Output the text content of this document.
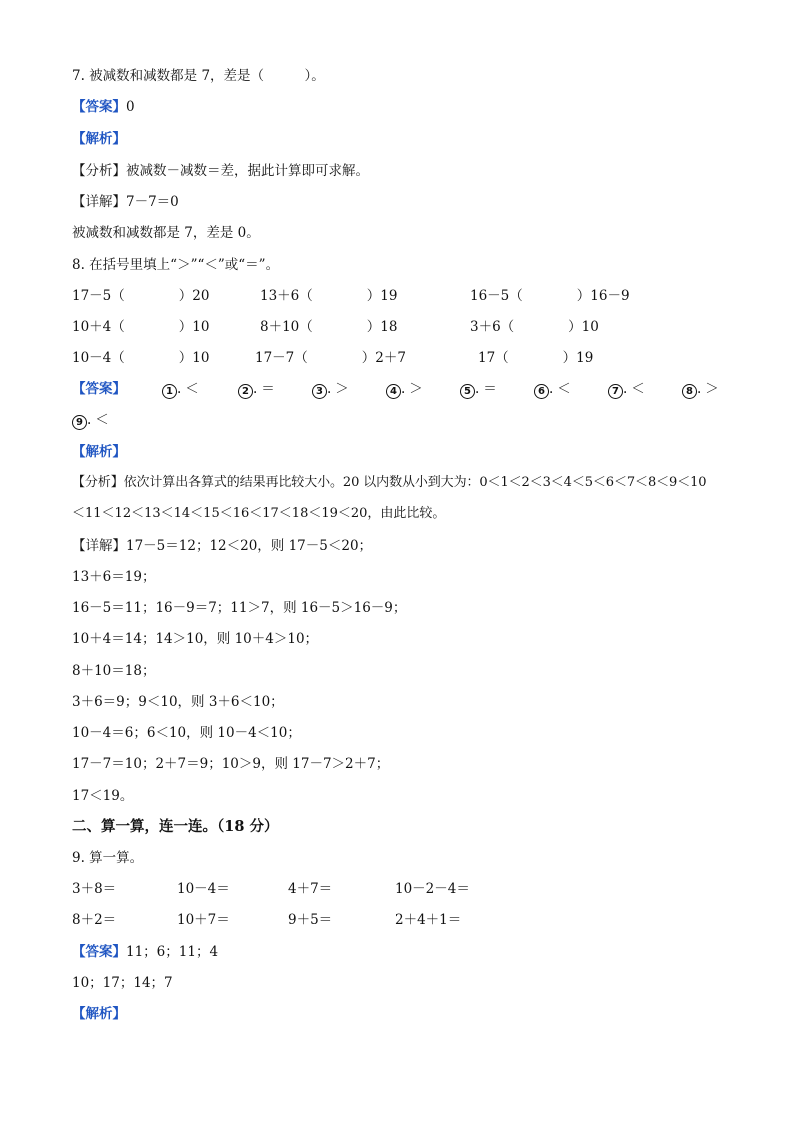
7. 被减数和减数都是 7，差是（　　　）。
【答案】0
【解析】
【分析】被减数－减数＝差，据此计算即可求解。
【详解】7－7＝0
被减数和减数都是 7，差是 0。
8. 在括号里填上“＞”“＜”或“＝”。
17－5（　　　　）20	13＋6（　　　　）19	16－5（　　　　）16－9
10＋4（　　　　）10	8＋10（　　　　）18	3＋6（　　　　）10
10－4（　　　　）10	17－7（　　　　）2＋7	17（　　　　）19
【答案】	1 . ＜	2 . ＝	3 . ＞	4 . ＞	5 . ＝	6 . ＜	7 . ＜	8 . ＞
9 . ＜
【解析】
【分析】依次计算出各算式的结果再比较大小。20 以内数从小到大为：0＜1＜2＜3＜4＜5＜6＜7＜8＜9＜10
＜11＜12＜13＜14＜15＜16＜17＜18＜19＜20，由此比较。
【详解】17－5＝12；12＜20，则 17－5＜20；
13＋6＝19；
16－5＝11；16－9＝7；11＞7，则 16－5＞16－9；
10＋4＝14；14＞10，则 10＋4＞10；
8＋10＝18；
3＋6＝9；9＜10，则 3＋6＜10；
10－4＝6；6＜10，则 10－4＜10；
17－7＝10；2＋7＝9；10＞9，则 17－7＞2＋7；
17＜19。
二、算一算，连一连。（18 分）
9. 算一算。
3＋8＝	10－4＝	4＋7＝	10－2－4＝
8＋2＝	10＋7＝	9＋5＝	2＋4＋1＝
【答案】11；6；11；4
10；17；14；7
【解析】
